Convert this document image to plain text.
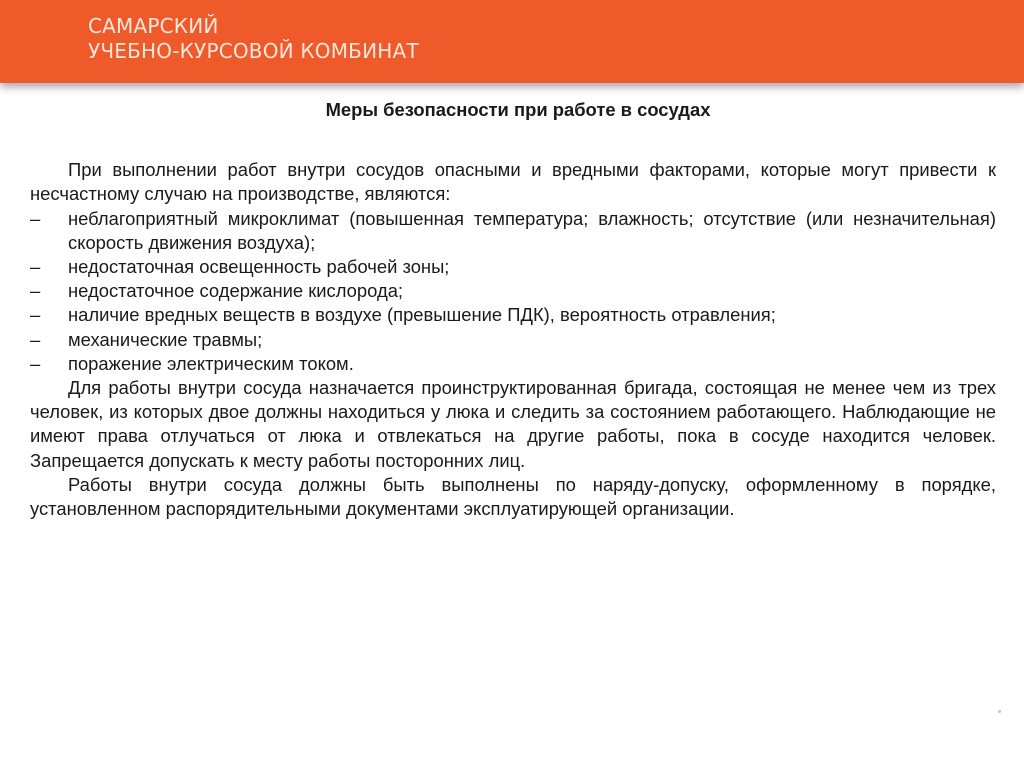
САМАРСКИЙ
УЧЕБНО-КУРСОВОЙ КОМБИНАТ
Меры безопасности при работе в сосудах

При выполнении работ внутри сосудов опасными и вредными факторами, которые могут привести к несчастному случаю на производстве, являются:

– неблагоприятный микроклимат (повышенная температура; влажность; отсутствие (или незначительная) скорость движения воздуха);
– недостаточная освещенность рабочей зоны;
– недостаточное содержание кислорода;
– наличие вредных веществ в воздухе (превышение ПДК), вероятность отравления;
– механические травмы;
– поражение электрическим током.

Для работы внутри сосуда назначается проинструктированная бригада, состоящая не менее чем из трех человек, из которых двое должны находиться у люка и следить за состоянием работающего. Наблюдающие не имеют права отлучаться от люка и отвлекаться на другие работы, пока в сосуде находится человек. Запрещается допускать к месту работы посторонних лиц.

Работы внутри сосуда должны быть выполнены по наряду-допуску, оформленному в порядке, установленном распорядительными документами эксплуатирующей организации.
